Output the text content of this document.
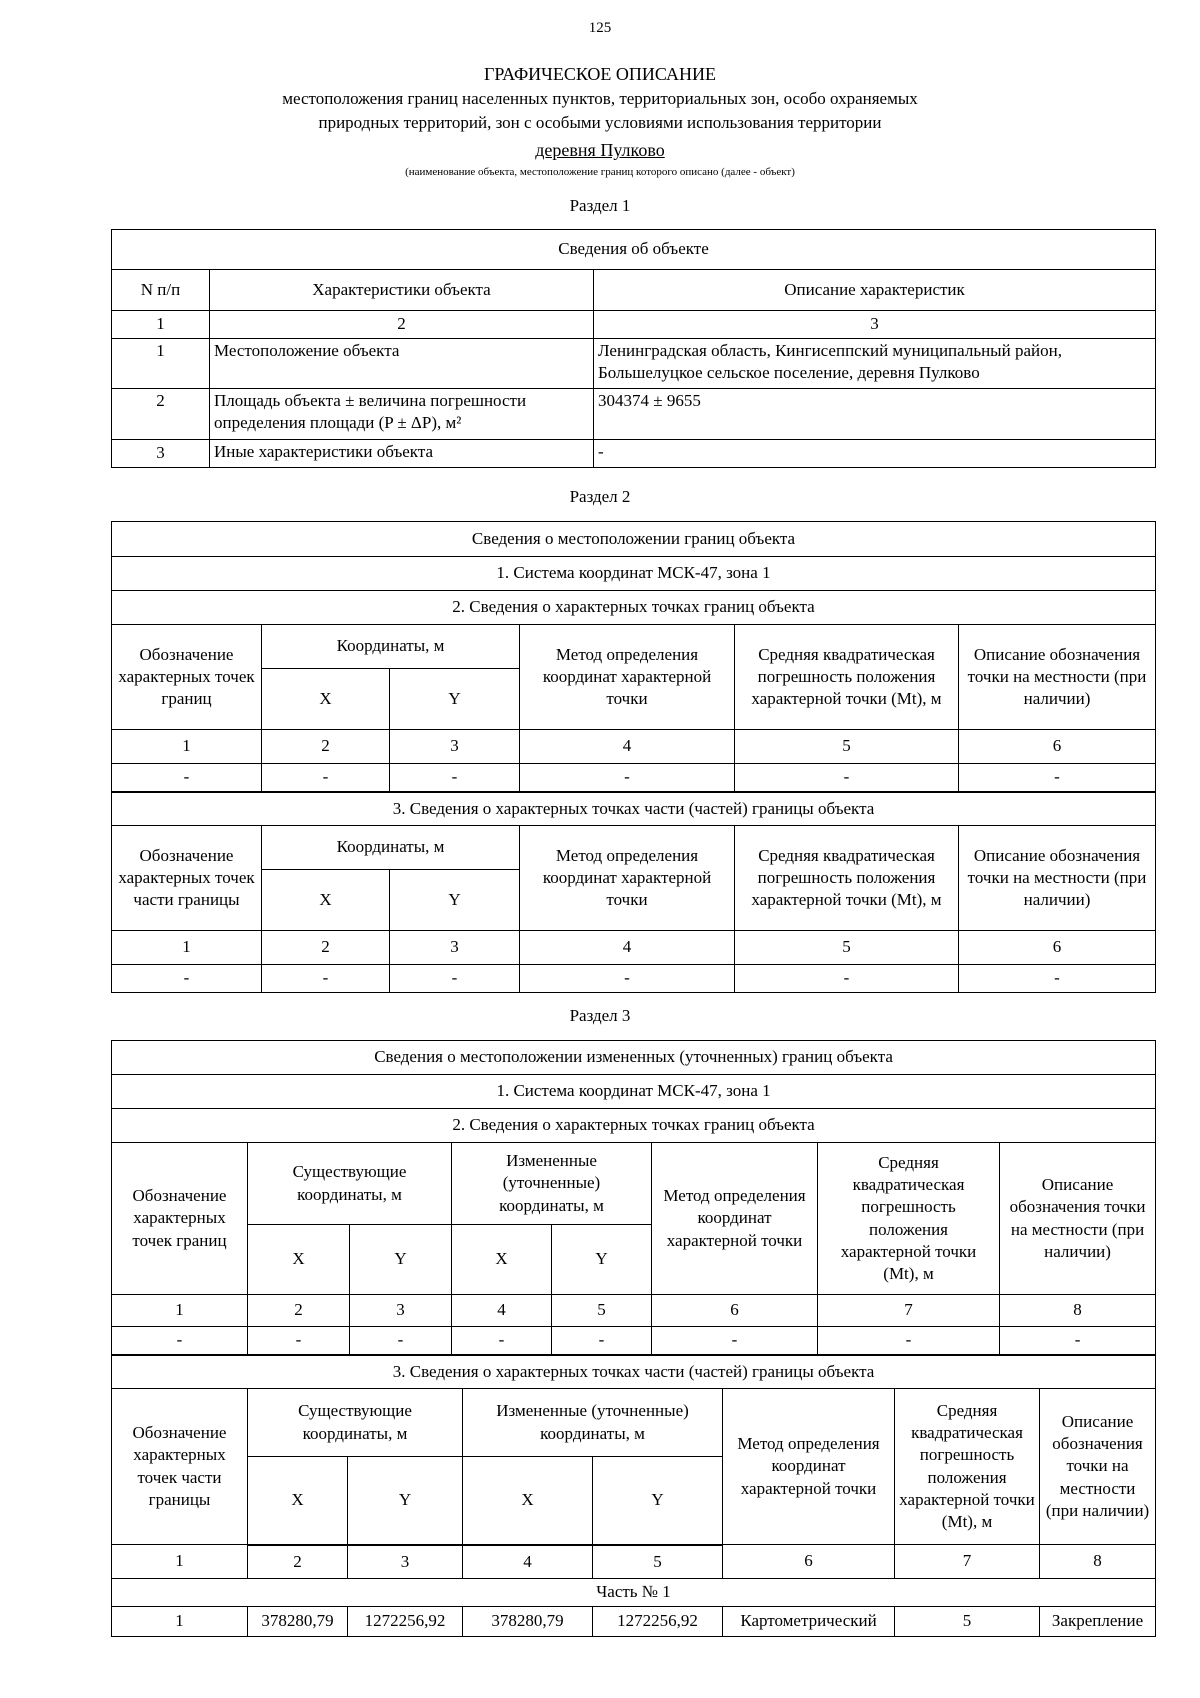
125
ГРАФИЧЕСКОЕ ОПИСАНИЕ
местоположения границ населенных пунктов, территориальных зон, особо охраняемых
природных территорий, зон с особыми условиями использования территории
деревня Пулково
(наименование объекта, местоположение границ которого описано (далее - объект)
Раздел 1
Сведения об объекте		
N п/п	Характеристики объекта	Описание характеристик
1	2	3
1	Местоположение объекта	Ленинградская область, Кингисеппский муниципальный район, Большелуцкое сельское поселение, деревня Пулково
2	Площадь объекта ± величина погрешности определения площади (P ± ΔP), м²	304374 ± 9655
3	Иные характеристики объекта	-
Раздел 2
Сведения о местоположении границ объекта					
1. Система координат МСК-47, зона 1					
2. Сведения о характерных точках границ объекта					
Обозначение характерных точек границ	Координаты, м		Метод определения координат характерной точки	Средняя квадратическая погрешность положения характерной точки (Mt), м	Описание обозначения точки на местности (при наличии)
	X	Y			
1	2	3	4	5	6
-	-	-	-	-	-
3. Сведения о характерных точках части (частей) границы объекта					
Обозначение характерных точек части границы	Координаты, м		Метод определения координат характерной точки	Средняя квадратическая погрешность положения характерной точки (Mt), м	Описание обозначения точки на местности (при наличии)
	X	Y			
1	2	3	4	5	6
-	-	-	-	-	-
Раздел 3
Сведения о местоположении измененных (уточненных) границ объекта							
1. Система координат МСК-47, зона 1							
2. Сведения о характерных точках границ объекта							
Обозначение характерных точек границ	Существующие координаты, м		Измененные (уточненные) координаты, м		Метод определения координат характерной точки	Средняя квадратическая погрешность положения характерной точки (Mt), м	Описание обозначения точки на местности (при наличии)
	X	Y	X	Y			
1	2	3	4	5	6	7	8
-	-	-	-	-	-	-	-
3. Сведения о характерных точках части (частей) границы объекта							
Обозначение характерных точек части границы	Существующие координаты, м		Измененные (уточненные) координаты, м		Метод определения координат характерной точки	Средняя квадратическая погрешность положения характерной точки (Mt), м	Описание обозначения точки на местности (при наличии)
	X	Y	X	Y			
1	2	3	4	5	6	7	8
Часть № 1							
1	378280,79	1272256,92	378280,79	1272256,92	Картометрический	5	Закрепление
